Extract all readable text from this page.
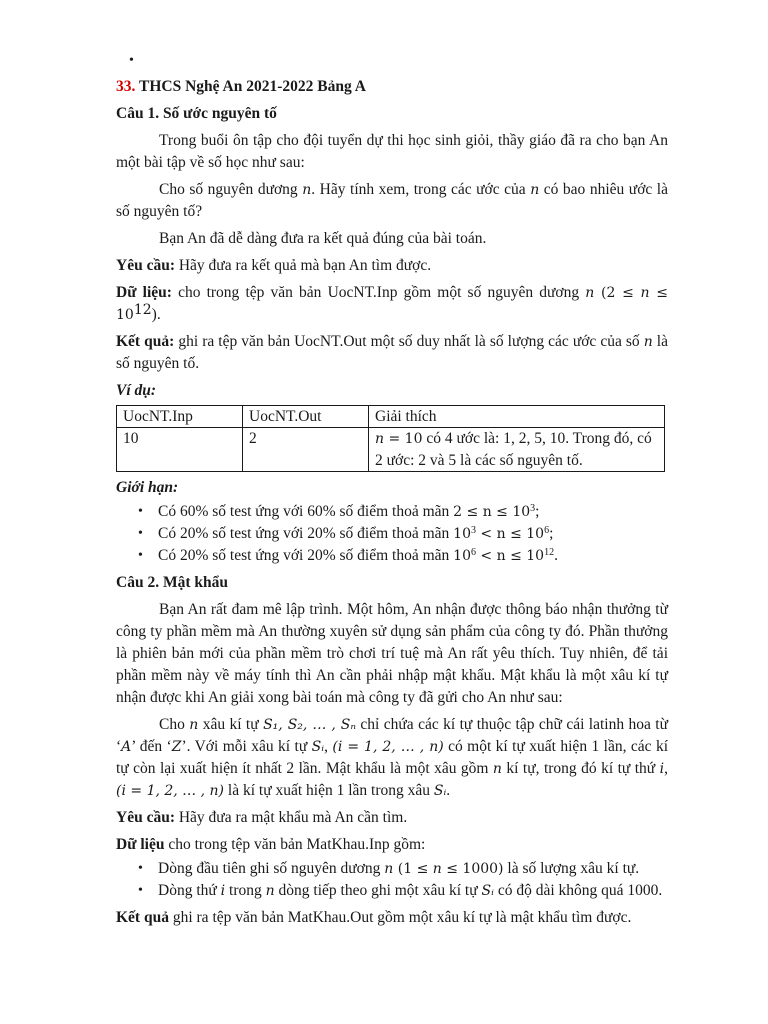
•

33. THCS Nghệ An 2021-2022 Bảng A

Câu 1. Số ước nguyên tố

Trong buổi ôn tập cho đội tuyển dự thi học sinh giỏi, thầy giáo đã ra cho bạn An một bài tập về số học như sau:

Cho số nguyên dương n. Hãy tính xem, trong các ước của n có bao nhiêu ước là số nguyên tố?

Bạn An đã dễ dàng đưa ra kết quả đúng của bài toán.

Yêu cầu: Hãy đưa ra kết quả mà bạn An tìm được.

Dữ liệu: cho trong tệp văn bản UocNT.Inp gồm một số nguyên dương n $(2 \le n \le 10^{12})$.

Kết quả: ghi ra tệp văn bản UocNT.Out một số duy nhất là số lượng các ước của số n là số nguyên tố.

Ví dụ:

UocNT.Inp	UocNT.Out	Giải thích
10	2	n = 10 có 4 ước là: 1, 2, 5, 10. Trong đó, có 2 ước: 2 và 5 là các số nguyên tố.

Giới hạn:

• Có 60% số test ứng với 60% số điểm thoả mãn $2 \le n \le 10^3$;
• Có 20% số test ứng với 20% số điểm thoả mãn $10^3 < n \le 10^6$;
• Có 20% số test ứng với 20% số điểm thoả mãn $10^6 < n \le 10^{12}$.

Câu 2. Mật khẩu

Bạn An rất đam mê lập trình. Một hôm, An nhận được thông báo nhận thưởng từ công ty phần mềm mà An thường xuyên sử dụng sản phẩm của công ty đó. Phần thưởng là phiên bản mới của phần mềm trò chơi trí tuệ mà An rất yêu thích. Tuy nhiên, để tải phần mềm này về máy tính thì An cần phải nhập mật khẩu. Mật khẩu là một xâu kí tự nhận được khi An giải xong bài toán mà công ty đã gửi cho An như sau:

Cho n xâu kí tự S₁, S₂, … , Sₙ chỉ chứa các kí tự thuộc tập chữ cái latinh hoa từ ‘A’ đến ‘Z’. Với mỗi xâu kí tự Sᵢ, (i = 1, 2, … , n) có một kí tự xuất hiện 1 lần, các kí tự còn lại xuất hiện ít nhất 2 lần. Mật khẩu là một xâu gồm n kí tự, trong đó kí tự thứ i, (i = 1, 2, … , n) là kí tự xuất hiện 1 lần trong xâu Sᵢ.

Yêu cầu: Hãy đưa ra mật khẩu mà An cần tìm.

Dữ liệu cho trong tệp văn bản MatKhau.Inp gồm:

• Dòng đầu tiên ghi số nguyên dương n (1 ≤ n ≤ 1000) là số lượng xâu kí tự.
• Dòng thứ i trong n dòng tiếp theo ghi một xâu kí tự Sᵢ có độ dài không quá 1000.

Kết quả ghi ra tệp văn bản MatKhau.Out gồm một xâu kí tự là mật khẩu tìm được.
